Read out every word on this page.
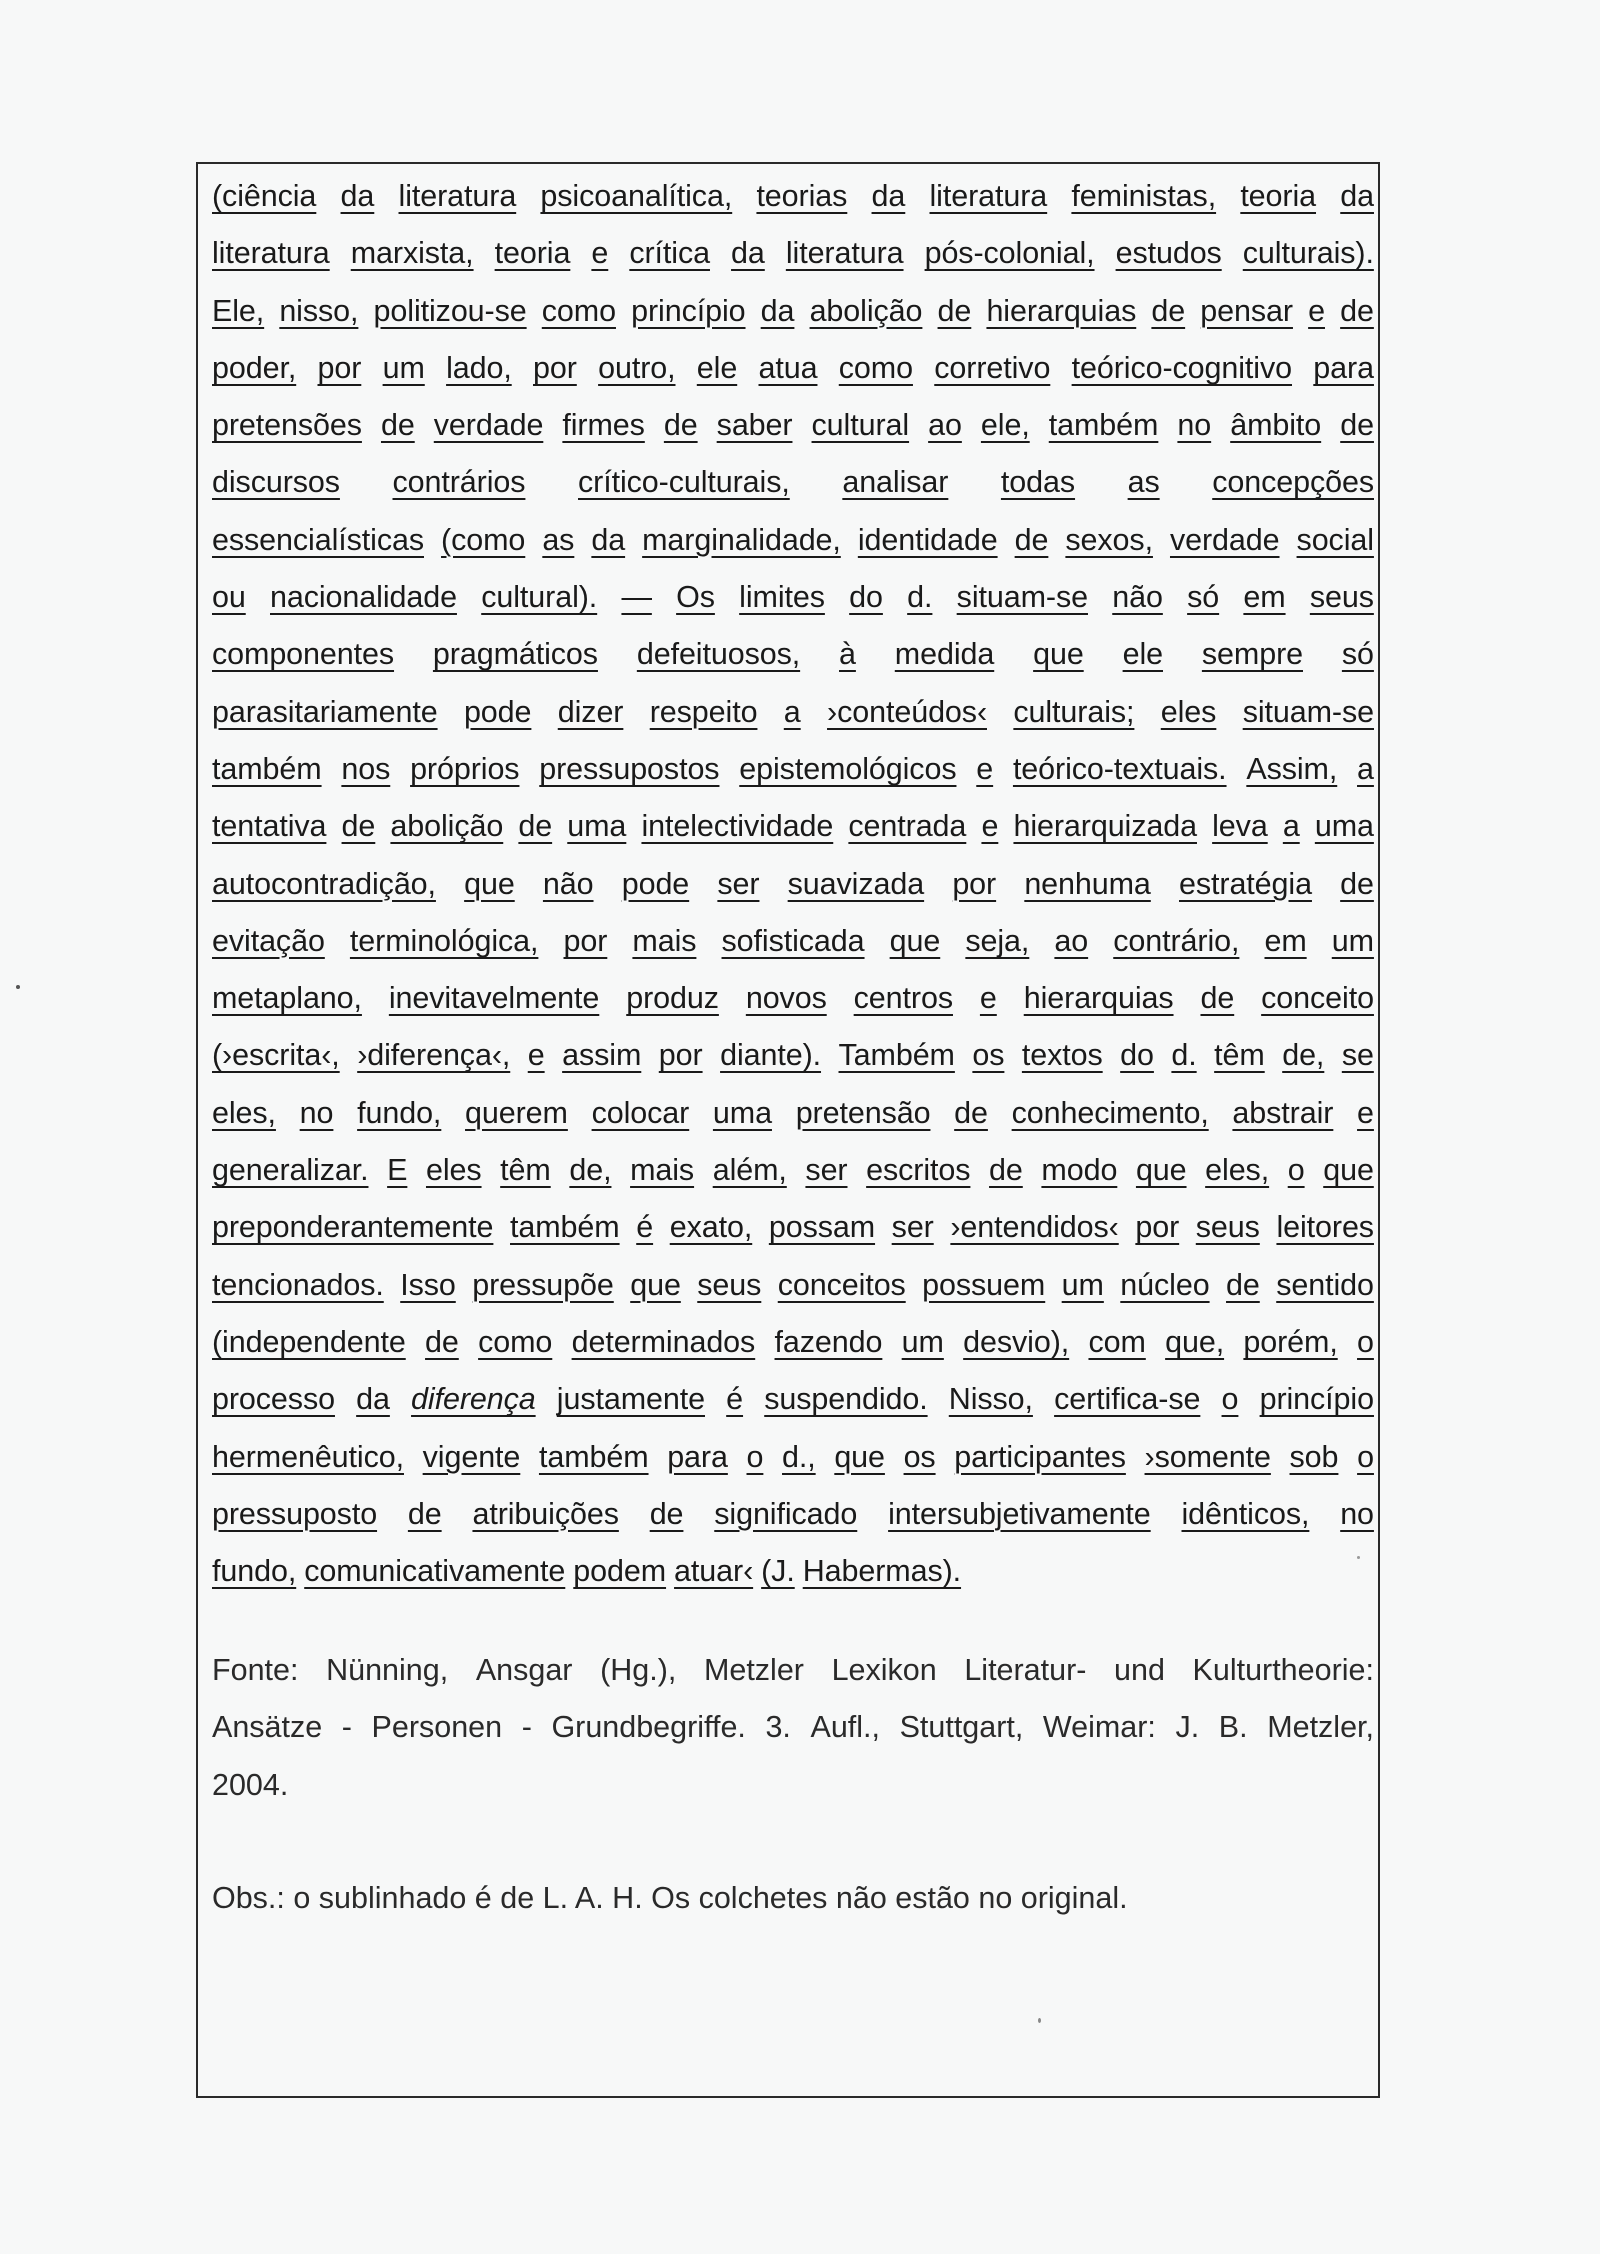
(ciência da literatura psicoanalítica, teorias da literatura feministas, teoria da
literatura marxista, teoria e crítica da literatura pós-colonial, estudos culturais).
Ele, nisso, politizou-se como princípio da abolição de hierarquias de pensar e de
poder, por um lado, por outro, ele atua como corretivo teórico-cognitivo para
pretensões de verdade firmes de saber cultural ao ele, também no âmbito de
discursos contrários crítico-culturais, analisar todas as concepções
essencialísticas (como as da marginalidade, identidade de sexos, verdade social
ou nacionalidade cultural). — Os limites do d. situam-se não só em seus
componentes pragmáticos defeituosos, à medida que ele sempre só
parasitariamente pode dizer respeito a ›conteúdos‹ culturais; eles situam-se
também nos próprios pressupostos epistemológicos e teórico-textuais. Assim, a
tentativa de abolição de uma intelectividade centrada e hierarquizada leva a uma
autocontradição, que não pode ser suavizada por nenhuma estratégia de
evitação terminológica, por mais sofisticada que seja, ao contrário, em um
metaplano, inevitavelmente produz novos centros e hierarquias de conceito
(›escrita‹, ›diferença‹, e assim por diante). Também os textos do d. têm de, se
eles, no fundo, querem colocar uma pretensão de conhecimento, abstrair e
generalizar. E eles têm de, mais além, ser escritos de modo que eles, o que
preponderantemente também é exato, possam ser ›entendidos‹ por seus leitores
tencionados. Isso pressupõe que seus conceitos possuem um núcleo de sentido
(independente de como determinados fazendo um desvio), com que, porém, o
processo da diferença justamente é suspendido. Nisso, certifica-se o princípio
hermenêutico, vigente também para o d., que os participantes ›somente sob o
pressuposto de atribuições de significado intersubjetivamente idênticos, no
fundo, comunicativamente podem atuar‹ (J. Habermas).
Fonte: Nünning, Ansgar (Hg.), Metzler Lexikon Literatur- und Kulturtheorie:
Ansätze - Personen - Grundbegriffe. 3. Aufl., Stuttgart, Weimar: J. B. Metzler,
2004.
Obs.: o sublinhado é de L. A. H. Os colchetes não estão no original.
